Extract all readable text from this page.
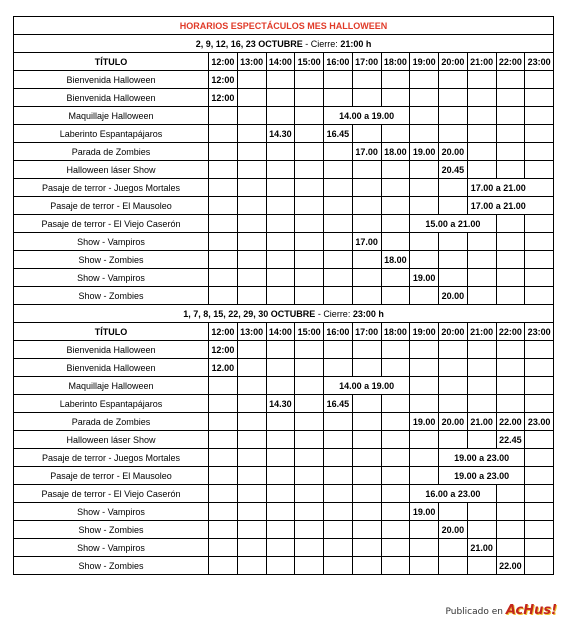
HORARIOS ESPECTÁCULOS MES HALLOWEEN												
2, 9, 12, 16, 23 OCTUBRE - Cierre: 21:00 h												
TÍTULO	12:00	13:00	14:00	15:00	16:00	17:00	18:00	19:00	20:00	21:00	22:00	23:00
Bienvenida Halloween	12:00											
Bienvenida Halloween	12:00											
Maquillaje Halloween					14.00 a 19.00							
Laberinto Espantapájaros			14.30		16.45							
Parada de Zombies						17.00	18.00	19.00	20.00			
Halloween láser Show									20.45			
Pasaje de terror - Juegos Mortales										17.00 a 21.00		
Pasaje de terror - El Mausoleo										17.00 a 21.00		
Pasaje de terror - El Viejo Caserón								15.00 a 21.00				
Show - Vampiros						17.00						
Show - Zombies							18.00					
Show - Vampiros								19.00				
Show - Zombies									20.00			
1, 7, 8, 15, 22, 29, 30 OCTUBRE - Cierre: 23:00 h												
TÍTULO	12:00	13:00	14:00	15:00	16:00	17:00	18:00	19:00	20:00	21:00	22:00	23:00
Bienvenida Halloween	12:00											
Bienvenida Halloween	12.00											
Maquillaje Halloween					14.00 a 19.00							
Laberinto Espantapájaros			14.30		16.45							
Parada de Zombies								19.00	20.00	21.00	22.00	23.00
Halloween láser Show											22.45	
Pasaje de terror - Juegos Mortales									19.00 a 23.00			
Pasaje de terror - El Mausoleo									19.00 a 23.00			
Pasaje de terror - El Viejo Caserón								16.00 a 23.00				
Show - Vampiros								19.00				
Show - Zombies									20.00			
Show - Vampiros										21.00		
Show - Zombies											22.00	
Publicado en AcHus!
